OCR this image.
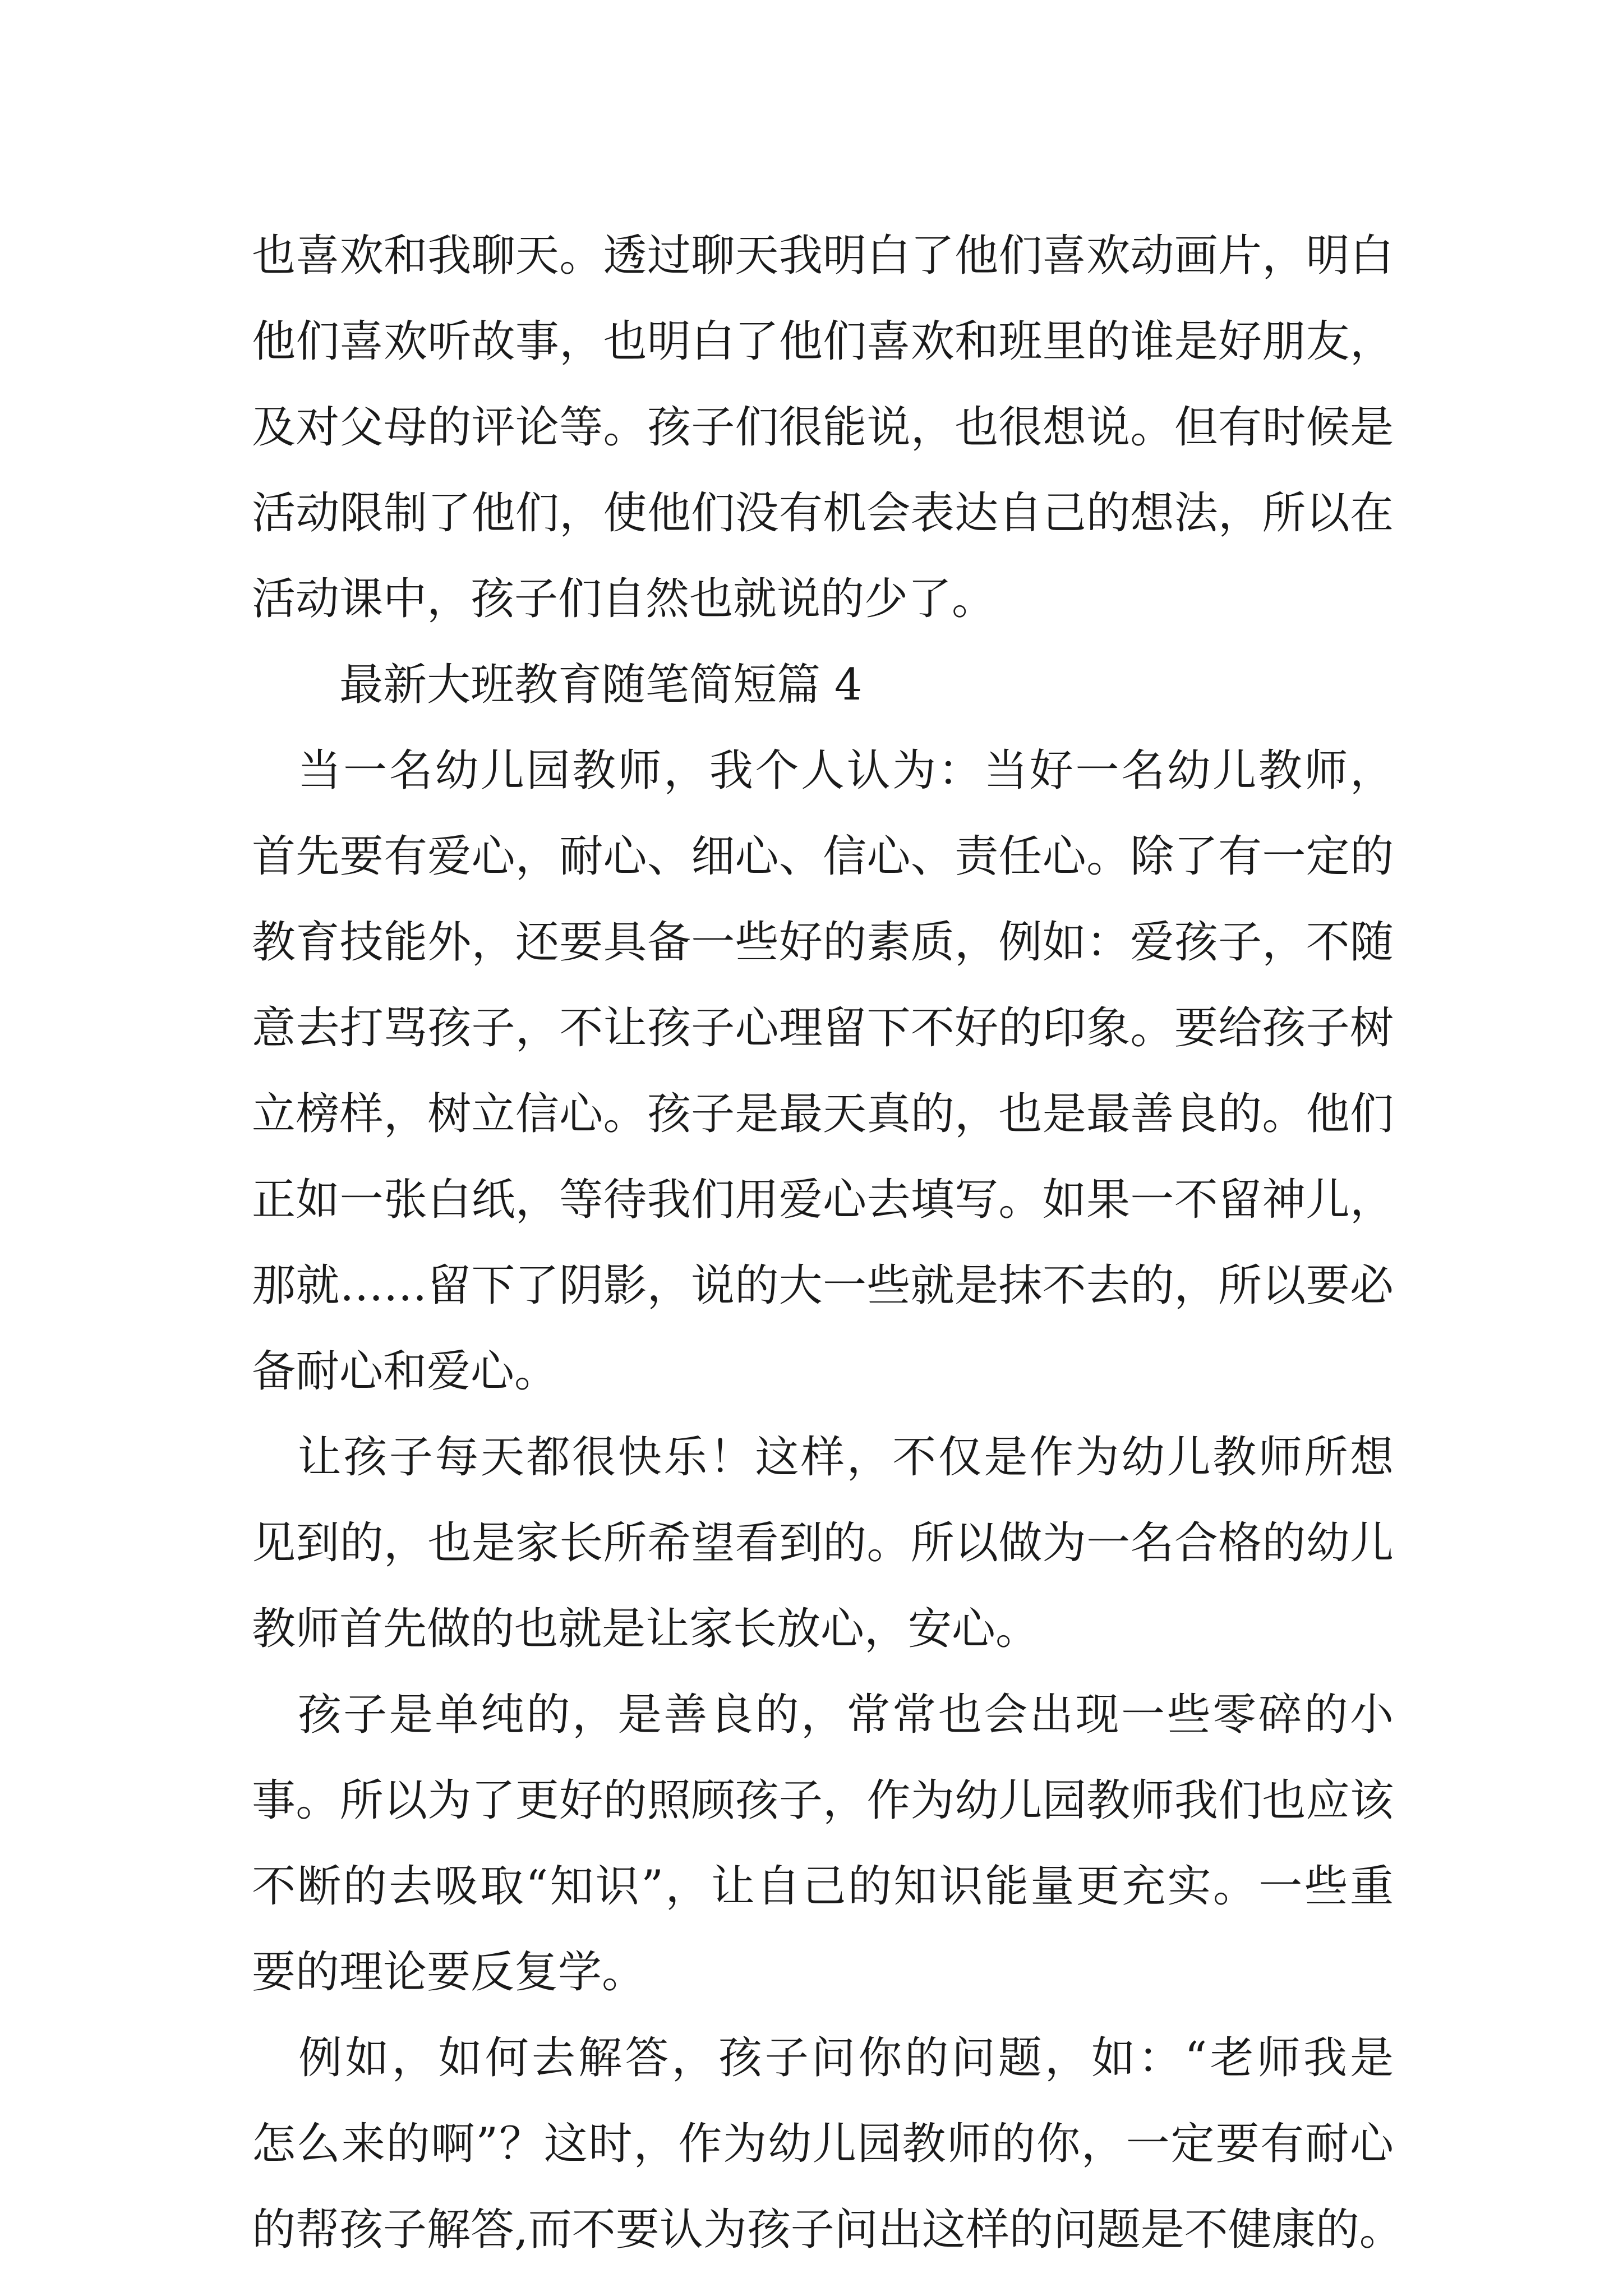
也喜欢和我聊天。透过聊天我明白了他们喜欢动画片，明白
他们喜欢听故事，也明白了他们喜欢和班里的谁是好朋友，
及对父母的评论等。孩子们很能说，也很想说。但有时候是
活动限制了他们，使他们没有机会表达自己的想法，所以在
活动课中，孩子们自然也就说的少了。
最新大班教育随笔简短篇 4
　当一名幼儿园教师，我个人认为：当好一名幼儿教师，
首先要有爱心，耐心、细心、信心、责任心。除了有一定的
教育技能外，还要具备一些好的素质，例如：爱孩子，不随
意去打骂孩子，不让孩子心理留下不好的印象。要给孩子树
立榜样，树立信心。孩子是最天真的，也是最善良的。他们
正如一张白纸，等待我们用爱心去填写。如果一不留神儿，
那就……留下了阴影，说的大一些就是抹不去的，所以要必
备耐心和爱心。
　让孩子每天都很快乐！这样，不仅是作为幼儿教师所想
见到的，也是家长所希望看到的。所以做为一名合格的幼儿
教师首先做的也就是让家长放心，安心。
　孩子是单纯的，是善良的，常常也会出现一些零碎的小
事。所以为了更好的照顾孩子，作为幼儿园教师我们也应该
不断的去吸取“知识”，让自己的知识能量更充实。一些重
要的理论要反复学。
　例如，如何去解答，孩子问你的问题，如：“老师我是
怎么来的啊”？这时，作为幼儿园教师的你，一定要有耐心
的帮孩子解答,而不要认为孩子问出这样的问题是不健康的。
